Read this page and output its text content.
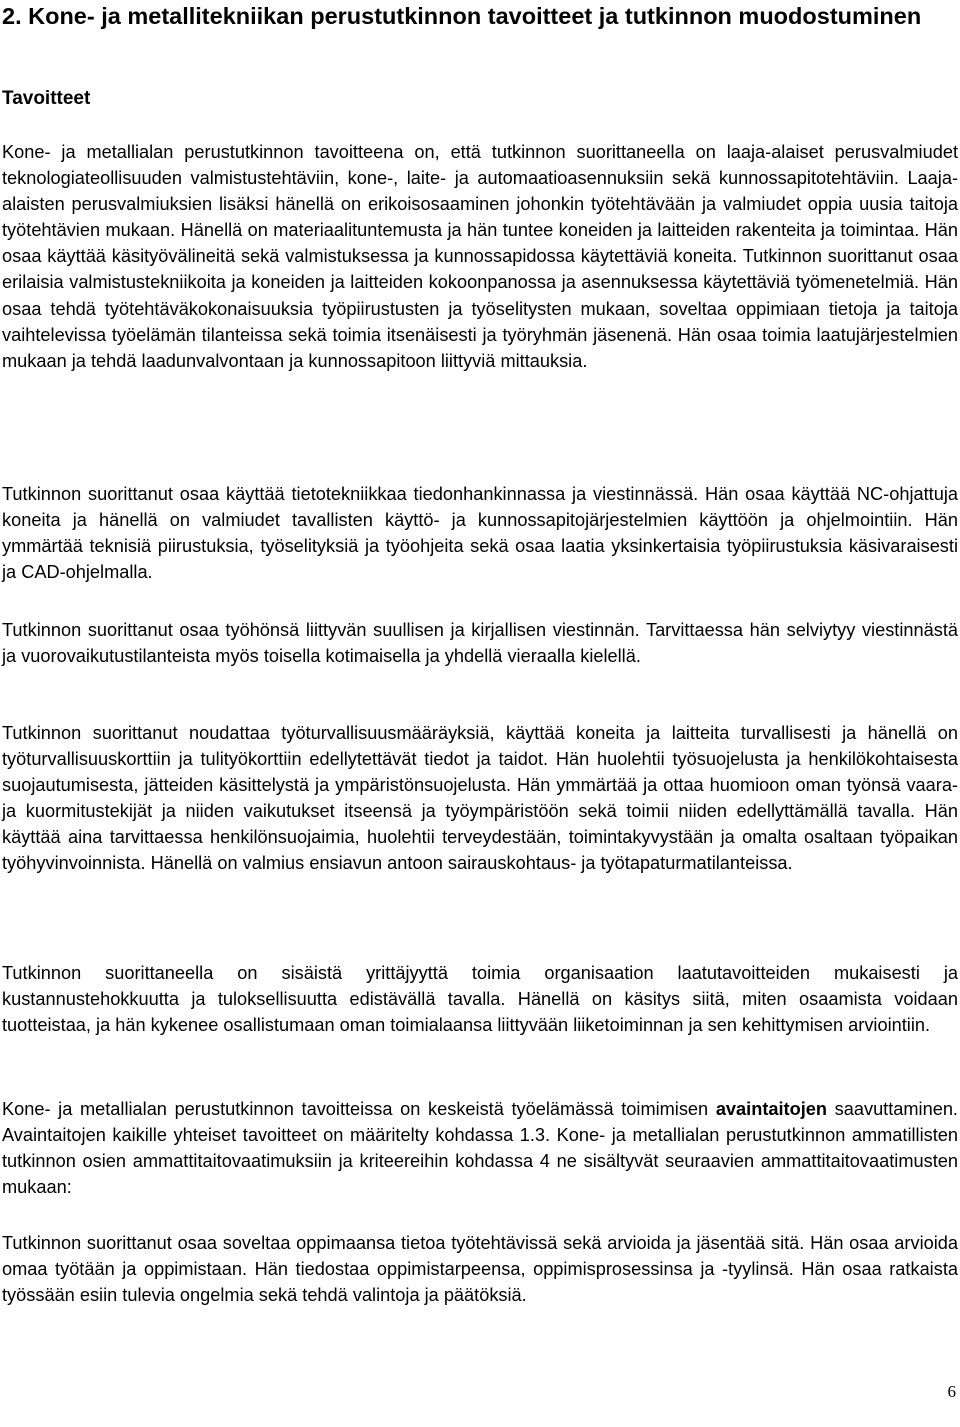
2. Kone- ja metallitekniikan perustutkinnon tavoitteet ja tutkinnon muodostuminen
Tavoitteet

Kone- ja metallialan perustutkinnon tavoitteena on, että tutkinnon suorittaneella on laaja-alaiset perusvalmiudet teknologiateollisuuden valmistustehtäviin, kone-, laite- ja automaatioasennuksiin sekä kunnossapitotehtäviin. Laaja-alaisten perusvalmiuksien lisäksi hänellä on erikoisosaaminen johonkin työtehtävään ja valmiudet oppia uusia taitoja työtehtävien mukaan. Hänellä on materiaalituntemusta ja hän tuntee koneiden ja laitteiden rakenteita ja toimintaa. Hän osaa käyttää käsityövälineitä sekä valmistuksessa ja kunnossapidossa käytettäviä koneita. Tutkinnon suorittanut osaa erilaisia valmistustekniikoita ja koneiden ja laitteiden kokoonpanossa ja asennuksessa käytettäviä työmenetelmiä. Hän osaa tehdä työtehtäväkokonaisuuksia työpiirustusten ja työselitysten mukaan, soveltaa oppimiaan tietoja ja taitoja vaihtelevissa työelämän tilanteissa sekä toimia itsenäisesti ja työryhmän jäsenenä. Hän osaa toimia laatujärjestelmien mukaan ja tehdä laadunvalvontaan ja kunnossapitoon liittyviä mittauksia.

Tutkinnon suorittanut osaa käyttää tietotekniikkaa tiedonhankinnassa ja viestinnässä. Hän osaa käyttää NC-ohjattuja koneita ja hänellä on valmiudet tavallisten käyttö- ja kunnossapitojärjestelmien käyttöön ja ohjelmointiin. Hän ymmärtää teknisiä piirustuksia, työselityksiä ja työohjeita sekä osaa laatia yksinkertaisia työpiirustuksia käsivaraisesti ja CAD-ohjelmalla.

Tutkinnon suorittanut osaa työhönsä liittyvän suullisen ja kirjallisen viestinnän. Tarvittaessa hän selviytyy viestinnästä ja vuorovaikutustilanteista myös toisella kotimaisella ja yhdellä vieraalla kielellä.

Tutkinnon suorittanut noudattaa työturvallisuusmääräyksiä, käyttää koneita ja laitteita turvallisesti ja hänellä on työturvallisuuskorttiin ja tulityökorttiin edellytettävät tiedot ja taidot. Hän huolehtii työsuojelusta ja henkilökohtaisesta suojautumisesta, jätteiden käsittelystä ja ympäristönsuojelusta. Hän ymmärtää ja ottaa huomioon oman työnsä vaara- ja kuormitustekijät ja niiden vaikutukset itseensä ja työympäristöön sekä toimii niiden edellyttämällä tavalla. Hän käyttää aina tarvittaessa henkilönsuojaimia, huolehtii terveydestään, toimintakyvystään ja omalta osaltaan työpaikan työhyvinvoinnista. Hänellä on valmius ensiavun antoon sairauskohtaus- ja työtapaturmatilanteissa.

Tutkinnon suorittaneella on sisäistä yrittäjyyttä toimia organisaation laatutavoitteiden mukaisesti ja kustannustehokkuutta ja tuloksellisuutta edistävällä tavalla. Hänellä on käsitys siitä, miten osaamista voidaan tuotteistaa, ja hän kykenee osallistumaan oman toimialaansa liittyvään liiketoiminnan ja sen kehittymisen arviointiin.

Kone- ja metallialan perustutkinnon tavoitteissa on keskeistä työelämässä toimimisen avaintaitojen saavuttaminen. Avaintaitojen kaikille yhteiset tavoitteet on määritelty kohdassa 1.3. Kone- ja metallialan perustutkinnon ammatillisten tutkinnon osien ammattitaitovaatimuksiin ja kriteereihin kohdassa 4 ne sisältyvät seuraavien ammattitaitovaatimusten mukaan:

Tutkinnon suorittanut osaa soveltaa oppimaansa tietoa työtehtävissä sekä arvioida ja jäsentää sitä. Hän osaa arvioida omaa työtään ja oppimistaan. Hän tiedostaa oppimistarpeensa, oppimisprosessinsa ja -tyylinsä. Hän osaa ratkaista työssään esiin tulevia ongelmia sekä tehdä valintoja ja päätöksiä.

6
